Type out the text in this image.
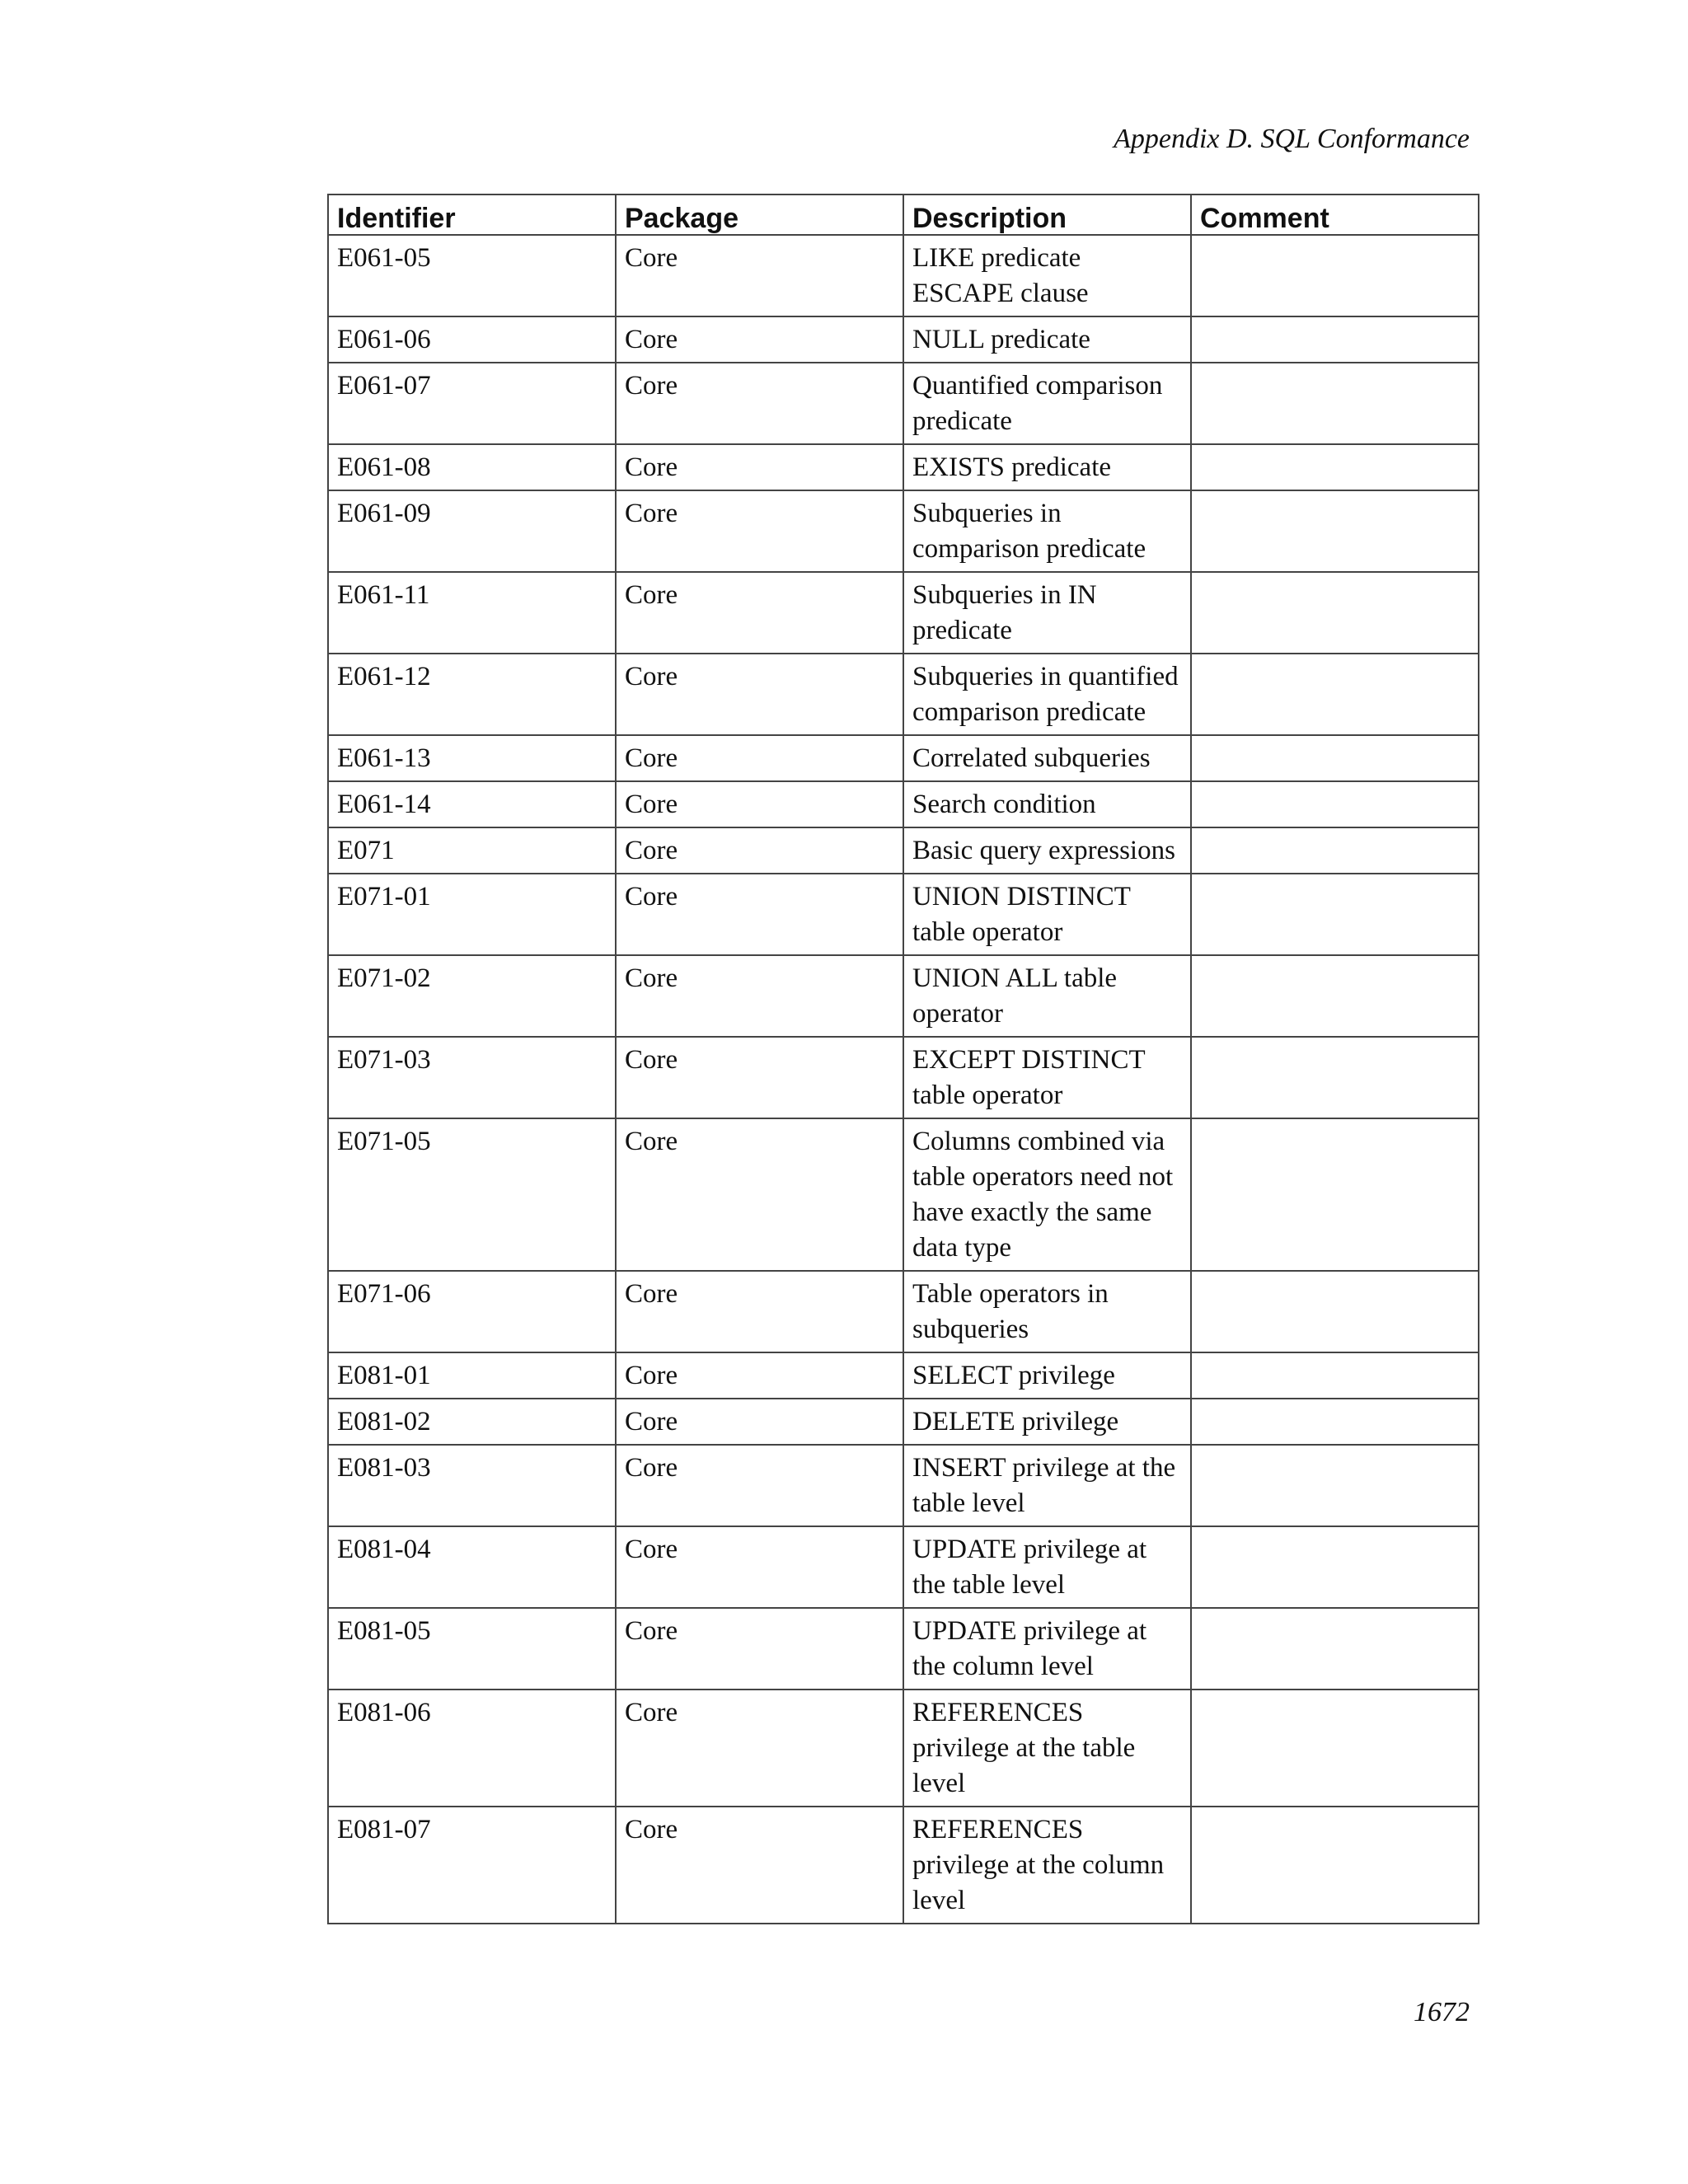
Appendix D. SQL Conformance
Identifier	Package	Description	Comment
E061-05	Core	LIKE predicate ESCAPE clause	
E061-06	Core	NULL predicate	
E061-07	Core	Quantified comparison predicate	
E061-08	Core	EXISTS predicate	
E061-09	Core	Subqueries in comparison predicate	
E061-11	Core	Subqueries in IN predicate	
E061-12	Core	Subqueries in quantified comparison predicate	
E061-13	Core	Correlated subqueries	
E061-14	Core	Search condition	
E071	Core	Basic query expressions	
E071-01	Core	UNION DISTINCT table operator	
E071-02	Core	UNION ALL table operator	
E071-03	Core	EXCEPT DISTINCT table operator	
E071-05	Core	Columns combined via table operators need not have exactly the same data type	
E071-06	Core	Table operators in subqueries	
E081-01	Core	SELECT privilege	
E081-02	Core	DELETE privilege	
E081-03	Core	INSERT privilege at the table level	
E081-04	Core	UPDATE privilege at the table level	
E081-05	Core	UPDATE privilege at the column level	
E081-06	Core	REFERENCES privilege at the table level	
E081-07	Core	REFERENCES privilege at the column level	
1672
